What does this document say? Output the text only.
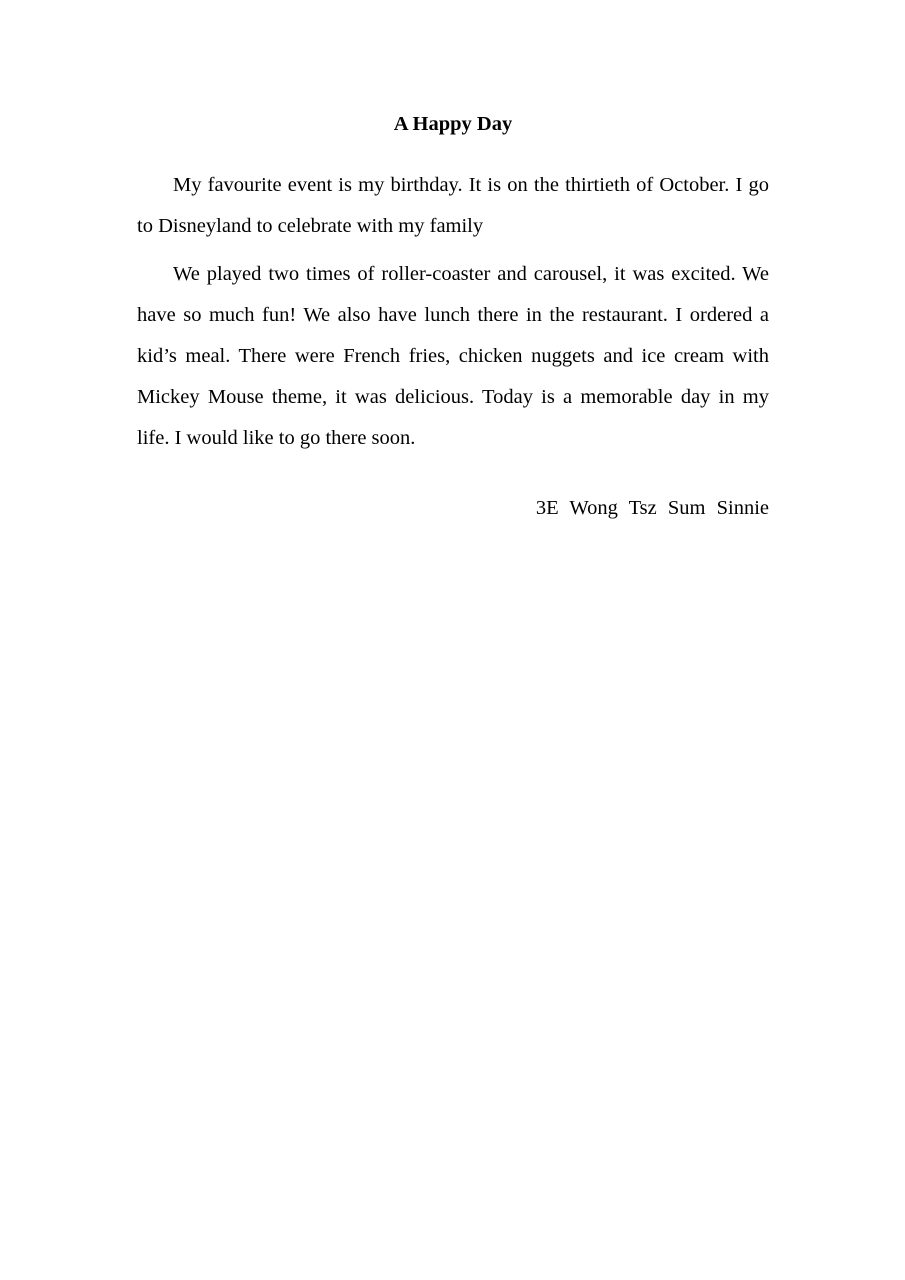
A Happy Day

My favourite event is my birthday. It is on the thirtieth of October. I go to Disneyland to celebrate with my family

We played two times of roller-coaster and carousel, it was excited. We have so much fun! We also have lunch there in the restaurant. I ordered a kid’s meal. There were French fries, chicken nuggets and ice cream with Mickey Mouse theme, it was delicious. Today is a memorable day in my life. I would like to go there soon.

3E Wong Tsz Sum Sinnie
